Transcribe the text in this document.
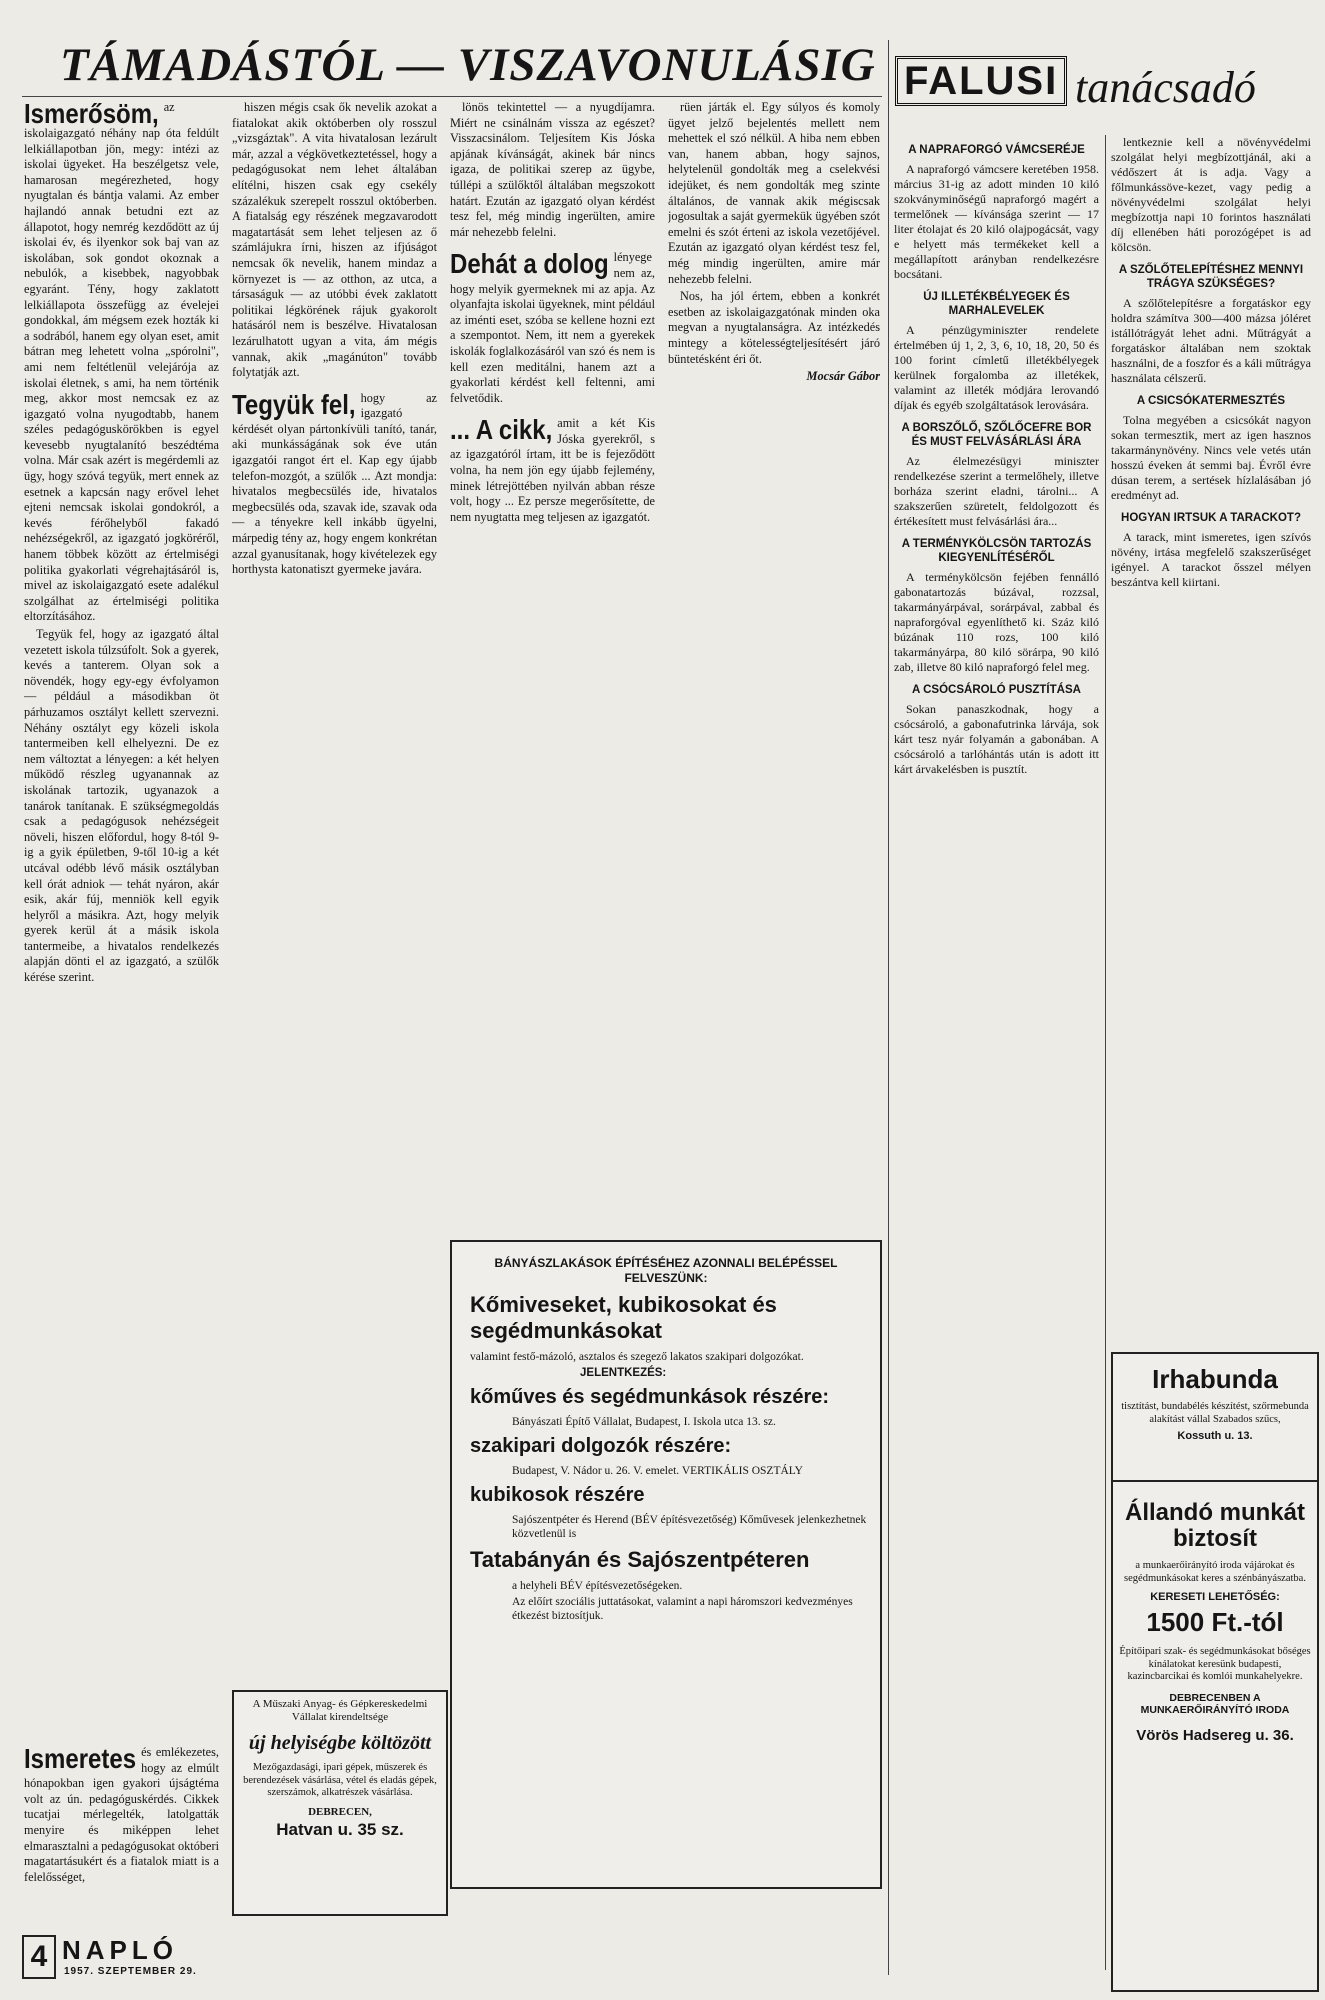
TÁMADÁSTÓL — VISZAVONULÁSIG FALUSI tanácsadó

Ismerősöm, az iskolaigazgató néhány nap óta feldúlt lelkiállapotban jön, megy: intézi az iskolai ügyeket. Ha beszélgetsz vele, hamarosan megérezheted, hogy nyugtalan és bántja valami. Az ember hajlandó annak betudni ezt az állapotot, hogy nemrég kezdődött az új iskolai év, és ilyenkor sok baj van az iskolában, sok gondot okoznak a nebulók, a kisebbek, nagyobbak egyaránt. Tény, hogy zaklatott lelkiállapota összefügg az évelejei gondokkal, ám mégsem ezek hozták ki a sodrából, hanem egy olyan eset, amit bátran meg lehetett volna „spórolni", ami nem feltétlenül velejárója az iskolai életnek, s ami, ha nem történik meg, akkor most nemcsak ez az igazgató volna nyugodtabb, hanem széles pedagóguskörökben is egyel kevesebb nyugtalanító beszédtéma volna. Már csak azért is megérdemli az ügy, hogy szóvá tegyük, mert ennek az esetnek a kapcsán nagy erővel lehet ejteni nemcsak iskolai gondokról, a kevés férőhelyből fakadó nehézségekről, az igazgató jogköréről, hanem többek között az értelmiségi politika gyakorlati végrehajtásáról is, mivel az iskolaigazgató esete adalékul szolgálhat az értelmiségi politika eltorzításához.

Tegyük fel, hogy az igazgató által vezetett iskola túlzsúfolt. Sok a gyerek, kevés a tanterem. Olyan sok a növendék, hogy egy-egy évfolyamon — például a másodikban öt párhuzamos osztályt kellett szervezni. Néhány osztályt egy közeli iskola tantermeiben kell elhelyezni. De ez nem változtat a lényegen: a két helyen működő részleg ugyanannak az iskolának tartozik, ugyanazok a tanárok tanítanak. E szükségmegoldás csak a pedagógusok nehézségeit növeli, hiszen előfordul, hogy 8-tól 9-ig a gyik épületben, 9-től 10-ig a két utcával odébb lévő másik osztályban kell órát adniok — tehát nyáron, akár esik, akár fúj, menniök kell egyik helyről a másikra. Azt, hogy melyik gyerek kerül át a másik iskola tantermeibe, a hivatalos rendelkezés alapján dönti el az igazgató, a szülők kérése szerint.

hiszen mégis csak ők nevelik azokat a fiatalokat akik októberben oly rosszul „vizsgáztak". A vita hivatalosan lezárult már, azzal a végkövetkeztetéssel, hogy a pedagógusokat nem lehet általában elítélni, hiszen csak egy csekély százalékuk szerepelt rosszul októberben. A fiatalság egy részének megzavarodott magatartását sem lehet teljesen az ő számlájukra írni, hiszen az ifjúságot nemcsak ők nevelik, hanem mindaz a környezet is — az otthon, az utca, a társaságuk — az utóbbi évek zaklatott politikai légkörének rájuk gyakorolt hatásáról nem is beszélve. Hivatalosan lezárulhatott ugyan a vita, ám mégis vannak, akik „magánúton" tovább folytatják azt.

Tegyük fel, hogy az igazgató kérdését olyan pártonkívüli tanító, tanár, aki munkásságának sok éve után igazgatói rangot ért el. Kap egy újabb telefon-mozgót, a szülők ... Azt mondja: hivatalos megbecsülés ide, hivatalos megbecsülés oda, szavak ide, szavak oda — a tényekre kell inkább ügyelni, márpedig tény az, hogy engem konkrétan azzal gyanusítanak, hogy kivételezek egy horthysta katonatiszt gyermeke javára.

lönös tekintettel — a nyugdíjamra. Miért ne csinálnám vissza az egészet? Visszacsinálom. Teljesítem Kis Jóska apjának kívánságát, akinek bár nincs igaza, de politikai szerep az ügybe, túllépi a szülőktől általában megszokott határt. Ezután az igazgató olyan kérdést tesz fel, még mindig ingerülten, amire már nehezebb felelni.

Dehát a dolog lényege nem az, hogy melyik gyermeknek mi az apja. Az olyanfajta iskolai ügyeknek, mint például az iménti eset, szóba se kellene hozni ezt a szempontot. Nem, itt nem a gyerekek iskolák foglalkozásáról van szó és nem is kell ezen meditálni, hanem azt a gyakorlati kérdést kell feltenni, ami felvetődik.

... A cikk, amit a két Kis Jóska gyerekről, s az igazgatóról írtam, itt be is fejeződött volna, ha nem jön egy újabb fejlemény, minek létrejöttében nyilván abban része volt, hogy ... Ez persze megerősítette, de nem nyugtatta meg teljesen az igazgatót.

rüen járták el. Egy súlyos és komoly ügyet jelző bejelentés mellett nem mehettek el szó nélkül. A hiba nem ebben van, hanem abban, hogy sajnos, helytelenül gondolták meg a cselekvési idejüket, és nem gondolták meg szinte általános, de vannak akik mégiscsak jogosultak a saját gyermekük ügyében szót emelni és szót érteni az iskola vezetőjével. Ezután az igazgató olyan kérdést tesz fel, még mindig ingerülten, amire már nehezebb felelni.

Nos, ha jól értem, ebben a konkrét esetben az iskolaigazgatónak minden oka megvan a nyugtalanságra. Az intézkedés mintegy a kötelességteljesítésért járó büntetésként éri őt.

Mocsár Gábor

Ismeretes és emlékezetes, hogy az elmúlt hónapokban igen gyakori újságtéma volt az ún. pedagóguskérdés. Cikkek tucatjai mérlegelték, latolgatták menyire és miképpen lehet elmarasztalni a pedagógusokat októberi magatartásukért és a fiatalok miatt is a felelősséget,

A Műszaki Anyag- és Gépkereskedelmi Vállalat kirendeltsége
új helyiségbe költözött
Mezőgazdasági, ipari gépek, műszerek és berendezések vásárlása, vétel és eladás gépek, szerszámok, alkatrészek vásárlása.
DEBRECEN,
Hatvan u. 35 sz.
BÁNYÁSZLAKÁSOK ÉPÍTÉSÉHEZ AZONNALI BELÉPÉSSEL FELVESZÜNK:
Kőmiveseket, kubikosokat és segédmunkásokat
valamint festő-mázoló, asztalos és szegező lakatos szakipari dolgozókat.
JELENTKEZÉS:
kőműves és segédmunkások részére:
Bányászati Építő Vállalat, Budapest, I. Iskola utca 13. sz.
szakipari dolgozók részére:
Budapest, V. Nádor u. 26. V. emelet. VERTIKÁLIS OSZTÁLY
kubikosok részére
Sajószentpéter és Herend (BÉV építésvezetőség) Kőművesek jelenkezhetnek közvetlenül is
Tatabányán és Sajószentpéteren
a helyheli BÉV építésvezetőségeken.
Az előírt szociális juttatásokat, valamint a napi háromszori kedvezményes étkezést biztosítjuk.
A NAPRAFORGÓ VÁMCSERÉJE

A napraforgó vámcsere keretében 1958. március 31-ig az adott minden 10 kiló szokványminőségű napraforgó magért a termelőnek — kívánsága szerint — 17 liter étolajat és 20 kiló olajpogácsát, vagy e helyett más termékeket kell a megállapított arányban rendelkezésre bocsátani.

ÚJ ILLETÉKBÉLYEGEK ÉS MARHALEVELEK

A pénzügyminiszter rendelete értelmében új 1, 2, 3, 6, 10, 18, 20, 50 és 100 forint címletű illetékbélyegek kerülnek forgalomba az illetékek, valamint az illeték módjára lerovandó díjak és egyéb szolgáltatások lerovására.

A BORSZŐLŐ, SZŐLŐCEFRE BOR ÉS MUST FELVÁSÁRLÁSI ÁRA

Az élelmezésügyi miniszter rendelkezése szerint a termelőhely, illetve borháza szerint eladni, tárolni... A szakszerűen szüretelt, feldolgozott és értékesített must felvásárlási ára...

A TERMÉNYKÖLCSÖN TARTOZÁS KIEGYENLÍTÉSÉRŐL

A terménykölcsön fejében fennálló gabonatartozás búzával, rozzsal, takarmányárpával, sorárpával, zabbal és napraforgóval egyenlíthető ki. Száz kiló búzának 110 rozs, 100 kiló takarmányárpa, 80 kiló sörárpa, 90 kiló zab, illetve 80 kiló napraforgó felel meg.

A CSÓCSÁROLÓ PUSZTÍTÁSA

Sokan panaszkodnak, hogy a csócsároló, a gabonafutrinka lárvája, sok kárt tesz nyár folyamán a gabonában. A csócsároló a tarlóhántás után is adott itt kárt árvakelésben is pusztít.

lentkeznie kell a növényvédelmi szolgálat helyi megbízottjánál, aki a védőszert át is adja. Vagy a főlmunkássöve-kezet, vagy pedig a növényvédelmi szolgálat helyi megbízottja napi 10 forintos használati díj ellenében háti porozógépet is ad kölcsön.

A SZŐLŐTELEPÍTÉSHEZ MENNYI TRÁGYA SZÜKSÉGES?

A szőlőtelepítésre a forgatáskor egy holdra számítva 300—400 mázsa jóléret istállótrágyát lehet adni. Műtrágyát a forgatáskor általában nem szoktak használni, de a foszfor és a káli műtrágya használata célszerű.

A CSICSÓKATERMESZTÉS

Tolna megyében a csicsókát nagyon sokan termesztik, mert az igen hasznos takarmánynövény. Nincs vele vetés után hosszú éveken át semmi baj. Évről évre dúsan terem, a sertések hízlalásában jó eredményt ad.

HOGYAN IRTSUK A TARACKOT?

A tarack, mint ismeretes, igen szívós növény, irtása megfelelő szakszerűséget igényel. A tarackot ősszel mélyen beszántva kell kiirtani.

Irhabunda
tisztítást, bundabélés készítést, szőrmebunda alakítást vállal Szabados szűcs,
Kossuth u. 13.
Állandó munkát
biztosít
a munkaerőirányító iroda vájárokat és segédmunkásokat keres a szénbányászatba.
KERESETI LEHETŐSÉG:
1500 Ft.-tól
Építőipari szak- és segédmunkásokat bőséges kínálatokat keresünk budapesti, kazincbarcikai és komlói munkahelyekre.
DEBRECENBEN A MUNKAERŐIRÁNYÍTÓ IRODA
Vörös Hadsereg u. 36.
4 NAPLÓ
1957. SZEPTEMBER 29.
